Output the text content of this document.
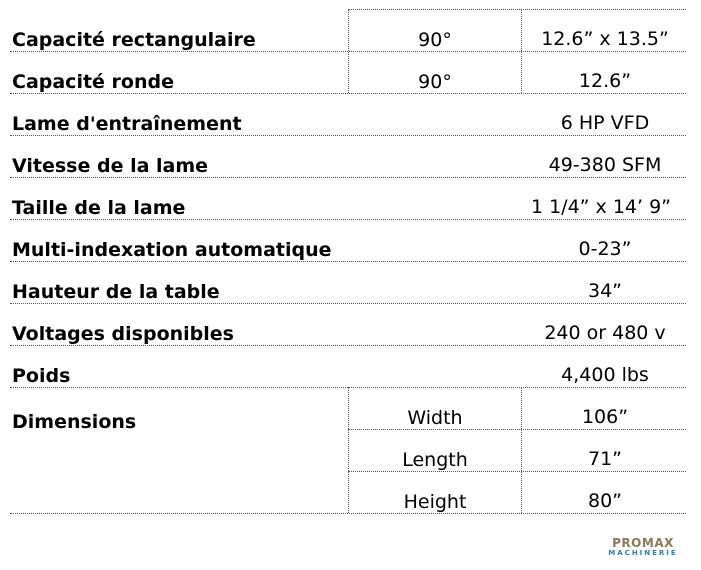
Capacité rectangulaire	90°	12.6” x 13.5”
Capacité ronde	90°	12.6”
Lame d'entraînement	6 HP VFD
Vitesse de la lame	49-380 SFM
Taille de la lame	1 1/4” x 14’ 9”
Multi-indexation automatique	0-23”
Hauteur de la table	34”
Voltages disponibles	240 or 480 v
Poids	4,400 lbs
Dimensions	Width	106”
Length	71”
Height	80”
PROMAX
MACHINERIE
